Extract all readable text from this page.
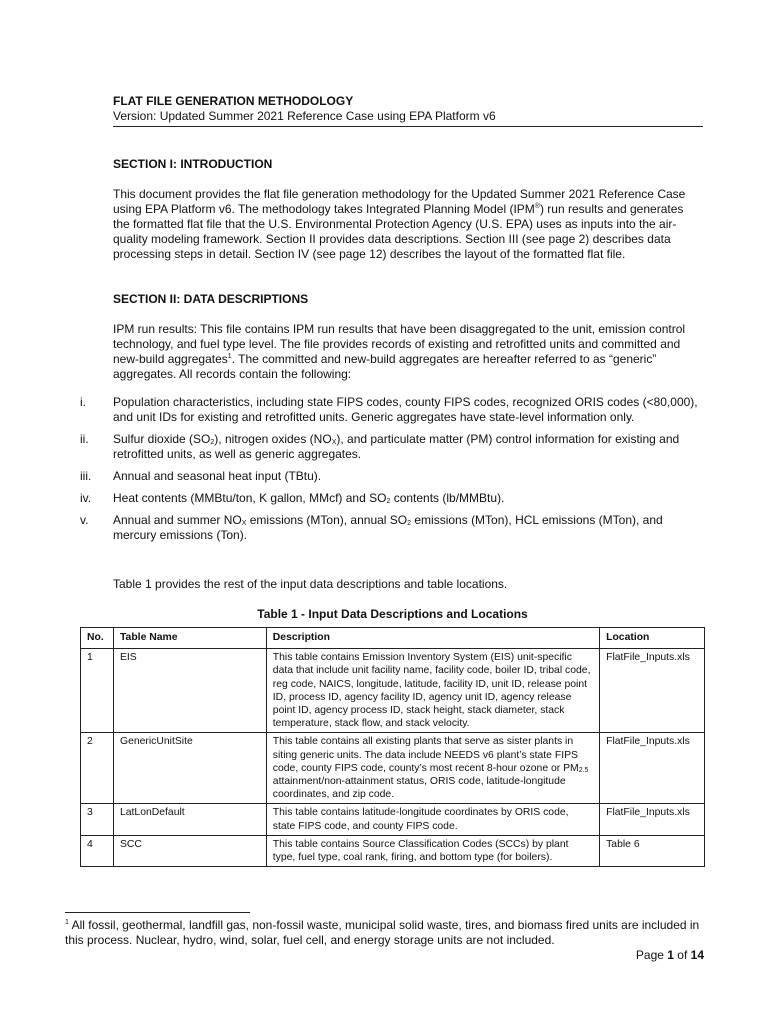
FLAT FILE GENERATION METHODOLOGY
Version: Updated Summer 2021 Reference Case using EPA Platform v6
SECTION I: INTRODUCTION
This document provides the flat file generation methodology for the Updated Summer 2021 Reference Case using EPA Platform v6. The methodology takes Integrated Planning Model (IPM®) run results and generates the formatted flat file that the U.S. Environmental Protection Agency (U.S. EPA) uses as inputs into the air-quality modeling framework. Section II provides data descriptions. Section III (see page 2) describes data processing steps in detail. Section IV (see page 12) describes the layout of the formatted flat file.
SECTION II: DATA DESCRIPTIONS
IPM run results: This file contains IPM run results that have been disaggregated to the unit, emission control technology, and fuel type level. The file provides records of existing and retrofitted units and committed and new-build aggregates$^1$. The committed and new-build aggregates are hereafter referred to as “generic” aggregates. All records contain the following:
i. Population characteristics, including state FIPS codes, county FIPS codes, recognized ORIS codes (<80,000), and unit IDs for existing and retrofitted units. Generic aggregates have state-level information only.
ii. Sulfur dioxide $(SO_2)$, nitrogen oxides $(NO_X)$, and particulate matter (PM) control information for existing and retrofitted units, as well as generic aggregates.
iii. Annual and seasonal heat input (TBtu).
iv. Heat contents (MMBtu/ton, K gallon, MMcf) and $SO_2$ contents (lb/MMBtu).
v. Annual and summer $NO_X$ emissions (MTon), annual $SO_2$ emissions (MTon), HCL emissions (MTon), and mercury emissions (Ton).
Table 1 provides the rest of the input data descriptions and table locations.
Table 1 - Input Data Descriptions and Locations
No.	Table Name	Description	Location
1	EIS	This table contains Emission Inventory System (EIS) unit-specific data that include unit facility name, facility code, boiler ID, tribal code, reg code, NAICS, longitude, latitude, facility ID, unit ID, release point ID, process ID, agency facility ID, agency unit ID, agency release point ID, agency process ID, stack height, stack diameter, stack temperature, stack flow, and stack velocity.	FlatFile_Inputs.xls
2	GenericUnitSite	This table contains all existing plants that serve as sister plants in siting generic units. The data include NEEDS v6 plant’s state FIPS code, county FIPS code, county’s most recent 8-hour ozone or $PM_{2.5}$ attainment/non-attainment status, ORIS code, latitude-longitude coordinates, and zip code.	FlatFile_Inputs.xls
3	LatLonDefault	This table contains latitude-longitude coordinates by ORIS code, state FIPS code, and county FIPS code.	FlatFile_Inputs.xls
4	SCC	This table contains Source Classification Codes (SCCs) by plant type, fuel type, coal rank, firing, and bottom type (for boilers).	Table 6
$^1$ All fossil, geothermal, landfill gas, non-fossil waste, municipal solid waste, tires, and biomass fired units are included in this process. Nuclear, hydro, wind, solar, fuel cell, and energy storage units are not included.
Page 1 of 14
